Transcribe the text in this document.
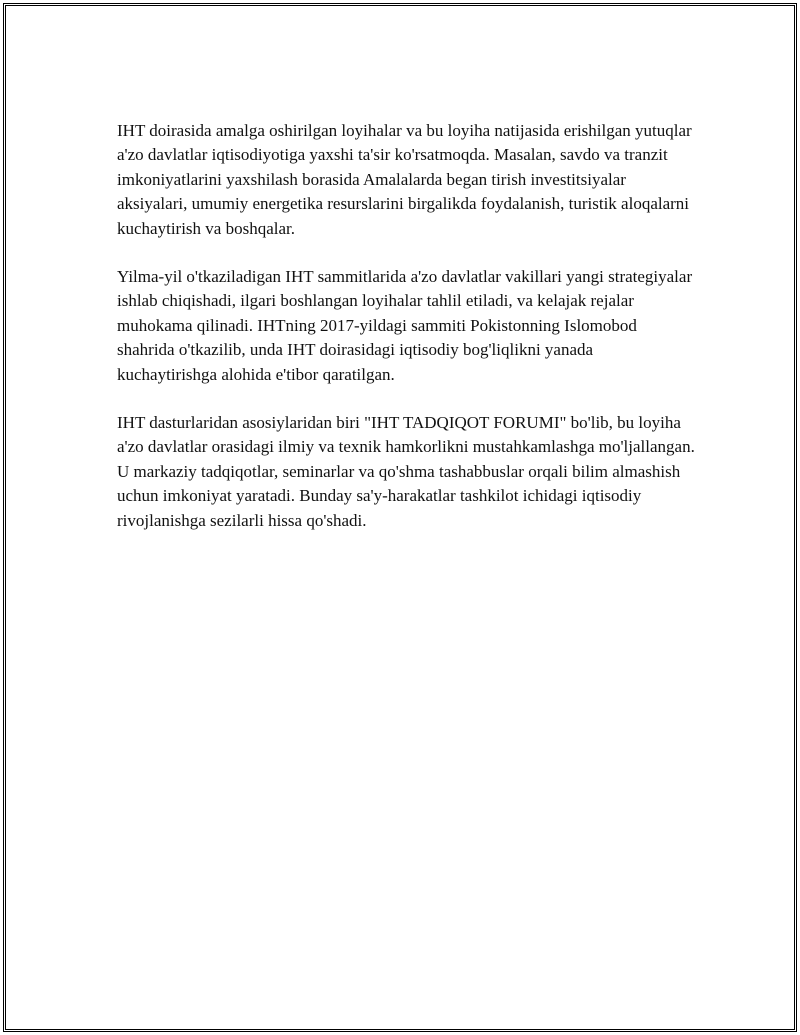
IHT doirasida amalga oshirilgan loyihalar va bu loyiha natijasida erishilgan yutuqlar a'zo davlatlar iqtisodiyotiga yaxshi ta'sir ko'rsatmoqda. Masalan, savdo va tranzit imkoniyatlarini yaxshilash borasida Amalalarda began tirish investitsiyalar aksiyalari, umumiy energetika resurslarini birgalikda foydalanish, turistik aloqalarni kuchaytirish va boshqalar.

Yilma-yil o'tkaziladigan IHT sammitlarida a'zo davlatlar vakillari yangi strategiyalar ishlab chiqishadi, ilgari boshlangan loyihalar tahlil etiladi, va kelajak rejalar muhokama qilinadi. IHTning 2017-yildagi sammiti Pokistonning Islomobod shahrida o'tkazilib, unda IHT doirasidagi iqtisodiy bog'liqlikni yanada kuchaytirishga alohida e'tibor qaratilgan.

IHT dasturlaridan asosiylaridan biri "IHT TADQIQOT FORUMI" bo'lib, bu loyiha a'zo davlatlar orasidagi ilmiy va texnik hamkorlikni mustahkamlashga mo'ljallangan. U markaziy tadqiqotlar, seminarlar va qo'shma tashabbuslar orqali bilim almashish uchun imkoniyat yaratadi. Bunday sa'y-harakatlar tashkilot ichidagi iqtisodiy rivojlanishga sezilarli hissa qo'shadi.
